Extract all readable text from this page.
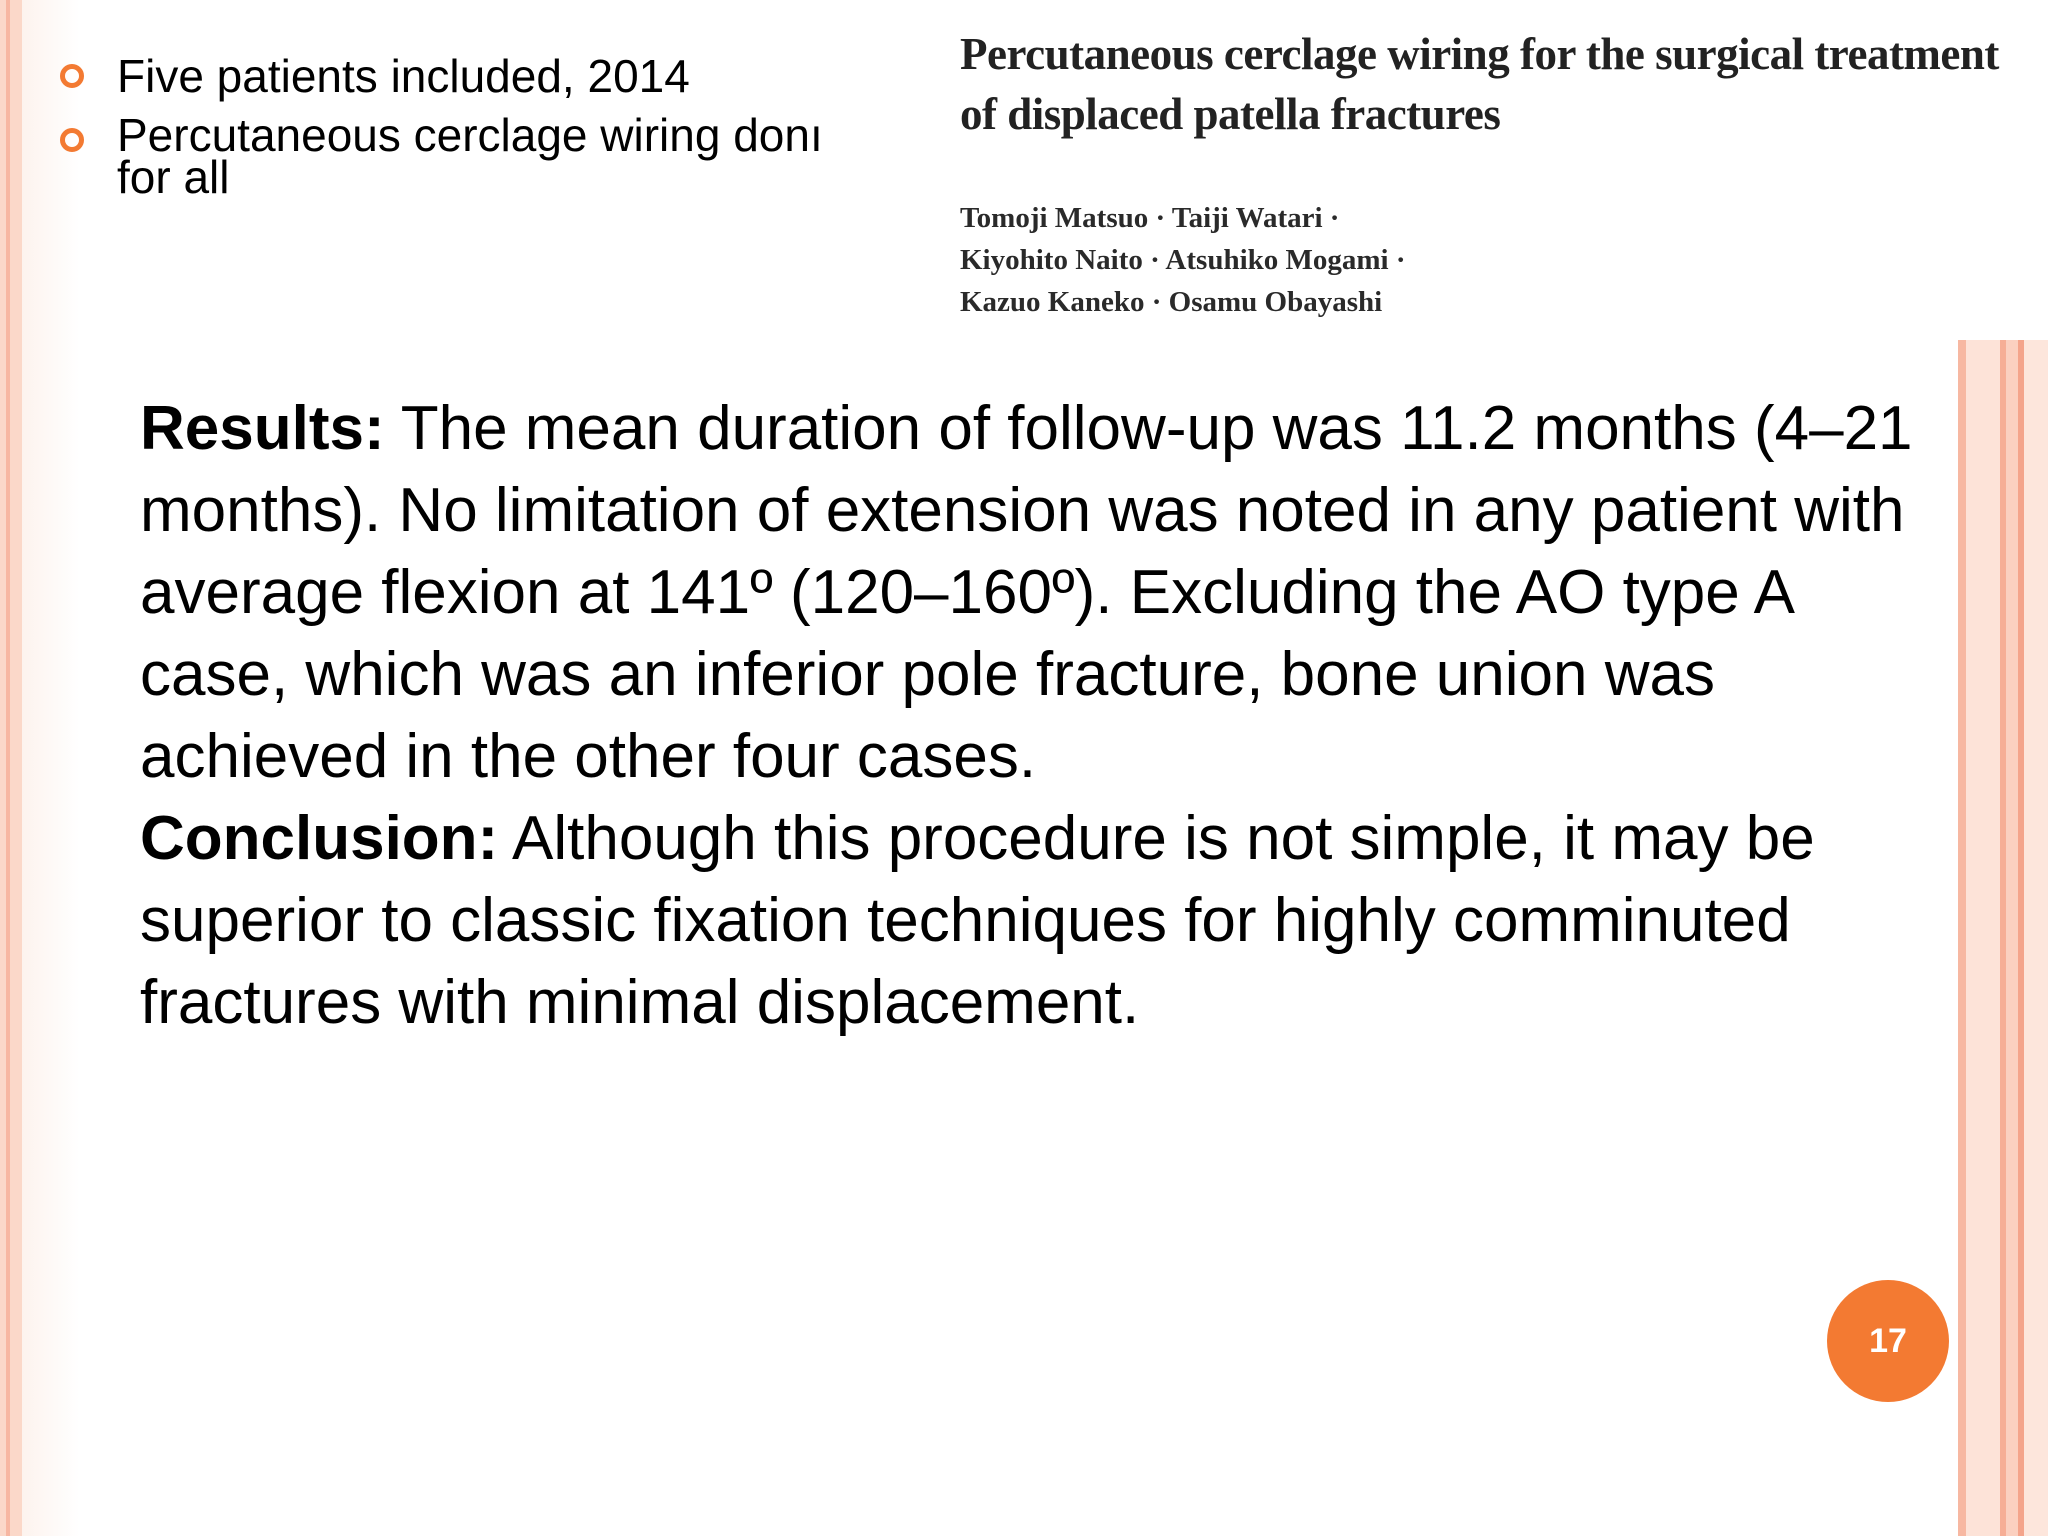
Five patients included, 2014
Percutaneous cerclage wiring donı
for all
Percutaneous cerclage wiring for the surgical treatment
of displaced patella fractures
Tomoji Matsuo · Taiji Watari ·
Kiyohito Naito · Atsuhiko Mogami ·
Kazuo Kaneko · Osamu Obayashi

Results: The mean duration of follow-up was 11.2 months (4–21 months). No limitation of extension was noted in any patient with average flexion at 141º (120–160º). Excluding the AO type A case, which was an inferior pole fracture, bone union was achieved in the other four cases.

Conclusion: Although this procedure is not simple, it may be superior to classic fixation techniques for highly comminuted fractures with minimal displacement.

17
